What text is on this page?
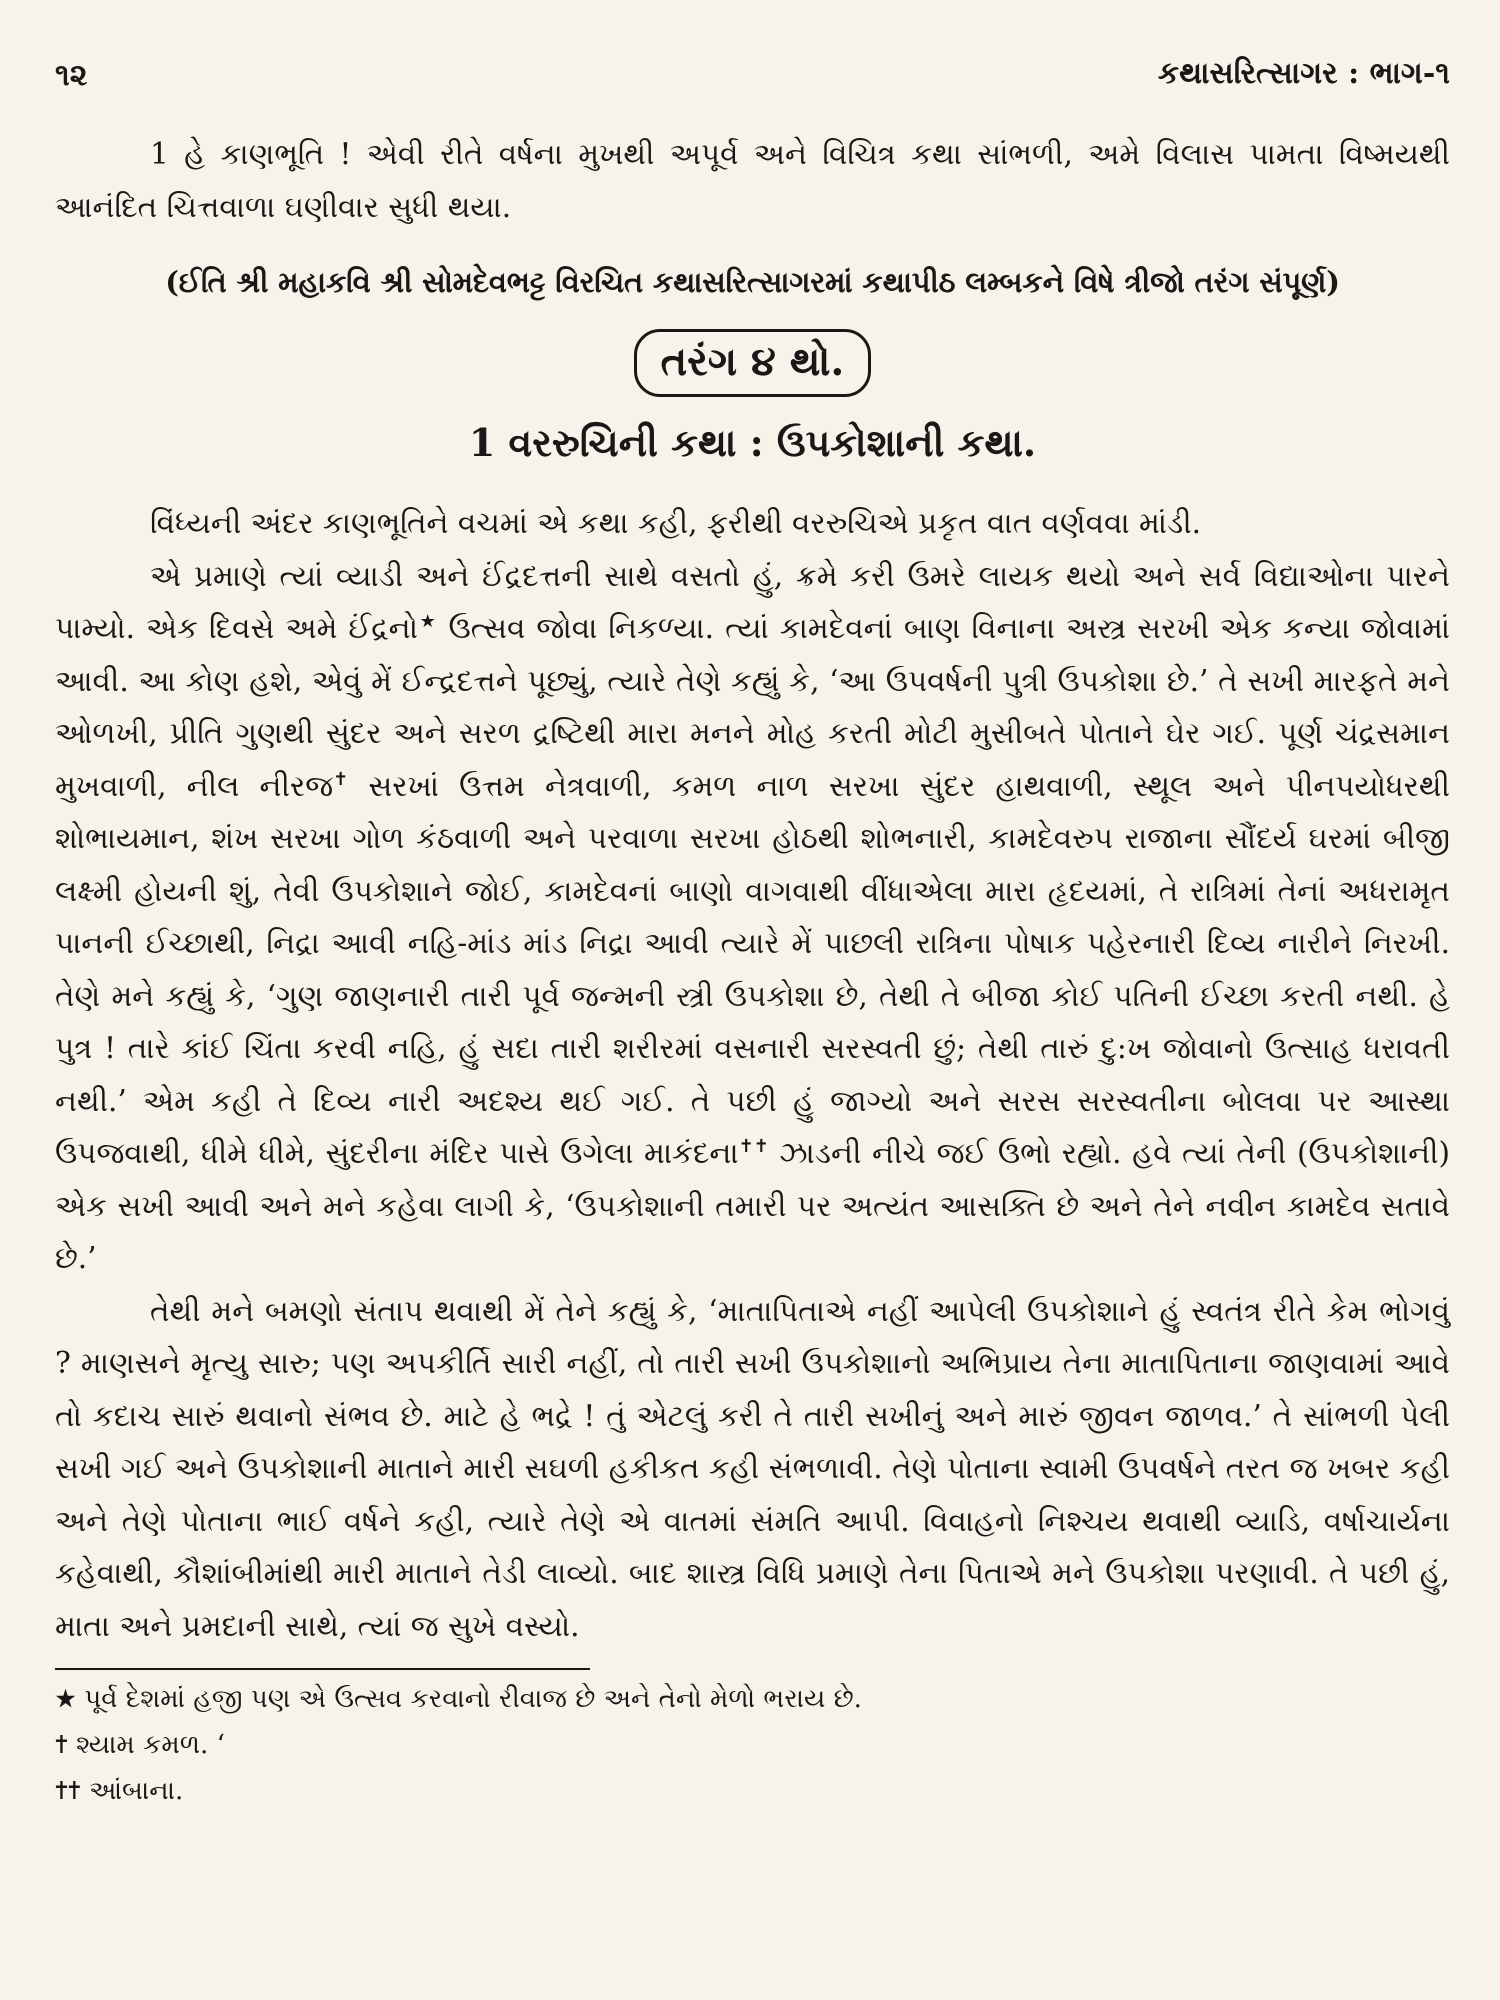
૧૨	કથાસરિત્સાગર : ભાગ-૧

1 હે કાણભૂતિ ! એવી રીતે વર્ષના મુખથી અપૂર્વ અને વિચિત્ર કથા સાંભળી, અમે વિલાસ પામતા વિષ્મયથી આનંદિત ચિત્તવાળા ઘણીવાર સુધી થયા.

(ઈતિ શ્રી મહાકવિ શ્રી સોમદેવભટ્ટ વિરચિત કથાસરિત્સાગરમાં કથાપીઠ લમ્બકને વિષે ત્રીજો તરંગ સંપૂર્ણ)
તરંગ ૪ થો.
1 વરરુચિની કથા : ઉપકોશાની કથા.

વિંધ્યની અંદર કાણભૂતિને વચમાં એ કથા કહી, ફરીથી વરરુચિએ પ્રકૃત વાત વર્ણવવા માંડી.

એ પ્રમાણે ત્યાં વ્યાડી અને ઈંદ્રદત્તની સાથે વસતો હું, ક્રમે કરી ઉમરે લાયક થયો અને સર્વ વિદ્યાઓના પારને પામ્યો. એક દિવસે અમે ઈંદ્રનો★ ઉત્સવ જોવા નિકળ્યા. ત્યાં કામદેવનાં બાણ વિનાના અસ્ત્ર સરખી એક કન્યા જોવામાં આવી. આ કોણ હશે, એવું મેં ઈન્દ્રદત્તને પૂછ્યું, ત્યારે તેણે કહ્યું કે, ‘આ ઉપવર્ષની પુત્રી ઉપકોશા છે.’ તે સખી મારફતે મને ઓળખી, પ્રીતિ ગુણથી સુંદર અને સરળ દ્રષ્ટિથી મારા મનને મોહ કરતી મોટી મુસીબતે પોતાને ઘેર ગઈ. પૂર્ણ ચંદ્રસમાન મુખવાળી, નીલ નીરજ✝ સરખાં ઉત્તમ નેત્રવાળી, કમળ નાળ સરખા સુંદર હાથવાળી, સ્થૂલ અને પીનપયોધરથી શોભાયમાન, શંખ સરખા ગોળ કંઠવાળી અને પરવાળા સરખા હોઠથી શોભનારી, કામદેવરુપ રાજાના સૌંદર્ય ઘરમાં બીજી લક્ષ્મી હોયની શું, તેવી ઉપકોશાને જોઈ, કામદેવનાં બાણો વાગવાથી વીંધાએલા મારા હૃદયમાં, તે રાત્રિમાં તેનાં અધરામૃત પાનની ઈચ્છાથી, નિદ્રા આવી નહિ-માંડ માંડ નિદ્રા આવી ત્યારે મેં પાછલી રાત્રિના પોષાક પહેરનારી દિવ્ય નારીને નિરખી. તેણે મને કહ્યું કે, ‘ગુણ જાણનારી તારી પૂર્વ જન્મની સ્ત્રી ઉપકોશા છે, તેથી તે બીજા કોઈ પતિની ઈચ્છા કરતી નથી. હે પુત્ર ! તારે કાંઈ ચિંતા કરવી નહિ, હું સદા તારી શરીરમાં વસનારી સરસ્વતી છું; તેથી તારું દુ:ખ જોવાનો ઉત્સાહ ધરાવતી નથી.’ એમ કહી તે દિવ્ય નારી અદશ્ય થઈ ગઈ. તે પછી હું જાગ્યો અને સરસ સરસ્વતીના બોલવા પર આસ્થા ઉપજવાથી, ધીમે ધીમે, સુંદરીના મંદિર પાસે ઉગેલા માકંદના✝✝ ઝાડની નીચે જઈ ઉભો રહ્યો. હવે ત્યાં તેની (ઉપકોશાની) એક સખી આવી અને મને કહેવા લાગી કે, ‘ઉપકોશાની તમારી પર અત્યંત આસક્તિ છે અને તેને નવીન કામદેવ સતાવે છે.’

તેથી મને બમણો સંતાપ થવાથી મેં તેને કહ્યું કે, ‘માતાપિતાએ નહીં આપેલી ઉપકોશાને હું સ્વતંત્ર રીતે કેમ ભોગવું ? માણસને મૃત્યુ સારુ; પણ અપકીર્તિ સારી નહીં, તો તારી સખી ઉપકોશાનો અભિપ્રાય તેના માતાપિતાના જાણવામાં આવે તો કદાચ સારું થવાનો સંભવ છે. માટે હે ભદ્રે ! તું એટલું કરી તે તારી સખીનું અને મારું જીવન જાળવ.’ તે સાંભળી પેલી સખી ગઈ અને ઉપકોશાની માતાને મારી સઘળી હકીકત કહી સંભળાવી. તેણે પોતાના સ્વામી ઉપવર્ષને તરત જ ખબર કહી અને તેણે પોતાના ભાઈ વર્ષને કહી, ત્યારે તેણે એ વાતમાં સંમતિ આપી. વિવાહનો નિશ્ચય થવાથી વ્યાડિ, વર્ષાચાર્યના કહેવાથી, કૌશાંબીમાંથી મારી માતાને તેડી લાવ્યો. બાદ શાસ્ત્ર વિધિ પ્રમાણે તેના પિતાએ મને ઉપકોશા પરણાવી. તે પછી હું, માતા અને પ્રમદાની સાથે, ત્યાં જ સુખે વસ્યો.

★ પૂર્વ દેશમાં હજી પણ એ ઉત્સવ કરવાનો રીવાજ છે અને તેનો મેળો ભરાય છે.
✝ શ્યામ કમળ. ‘
✝✝ આંબાના.
